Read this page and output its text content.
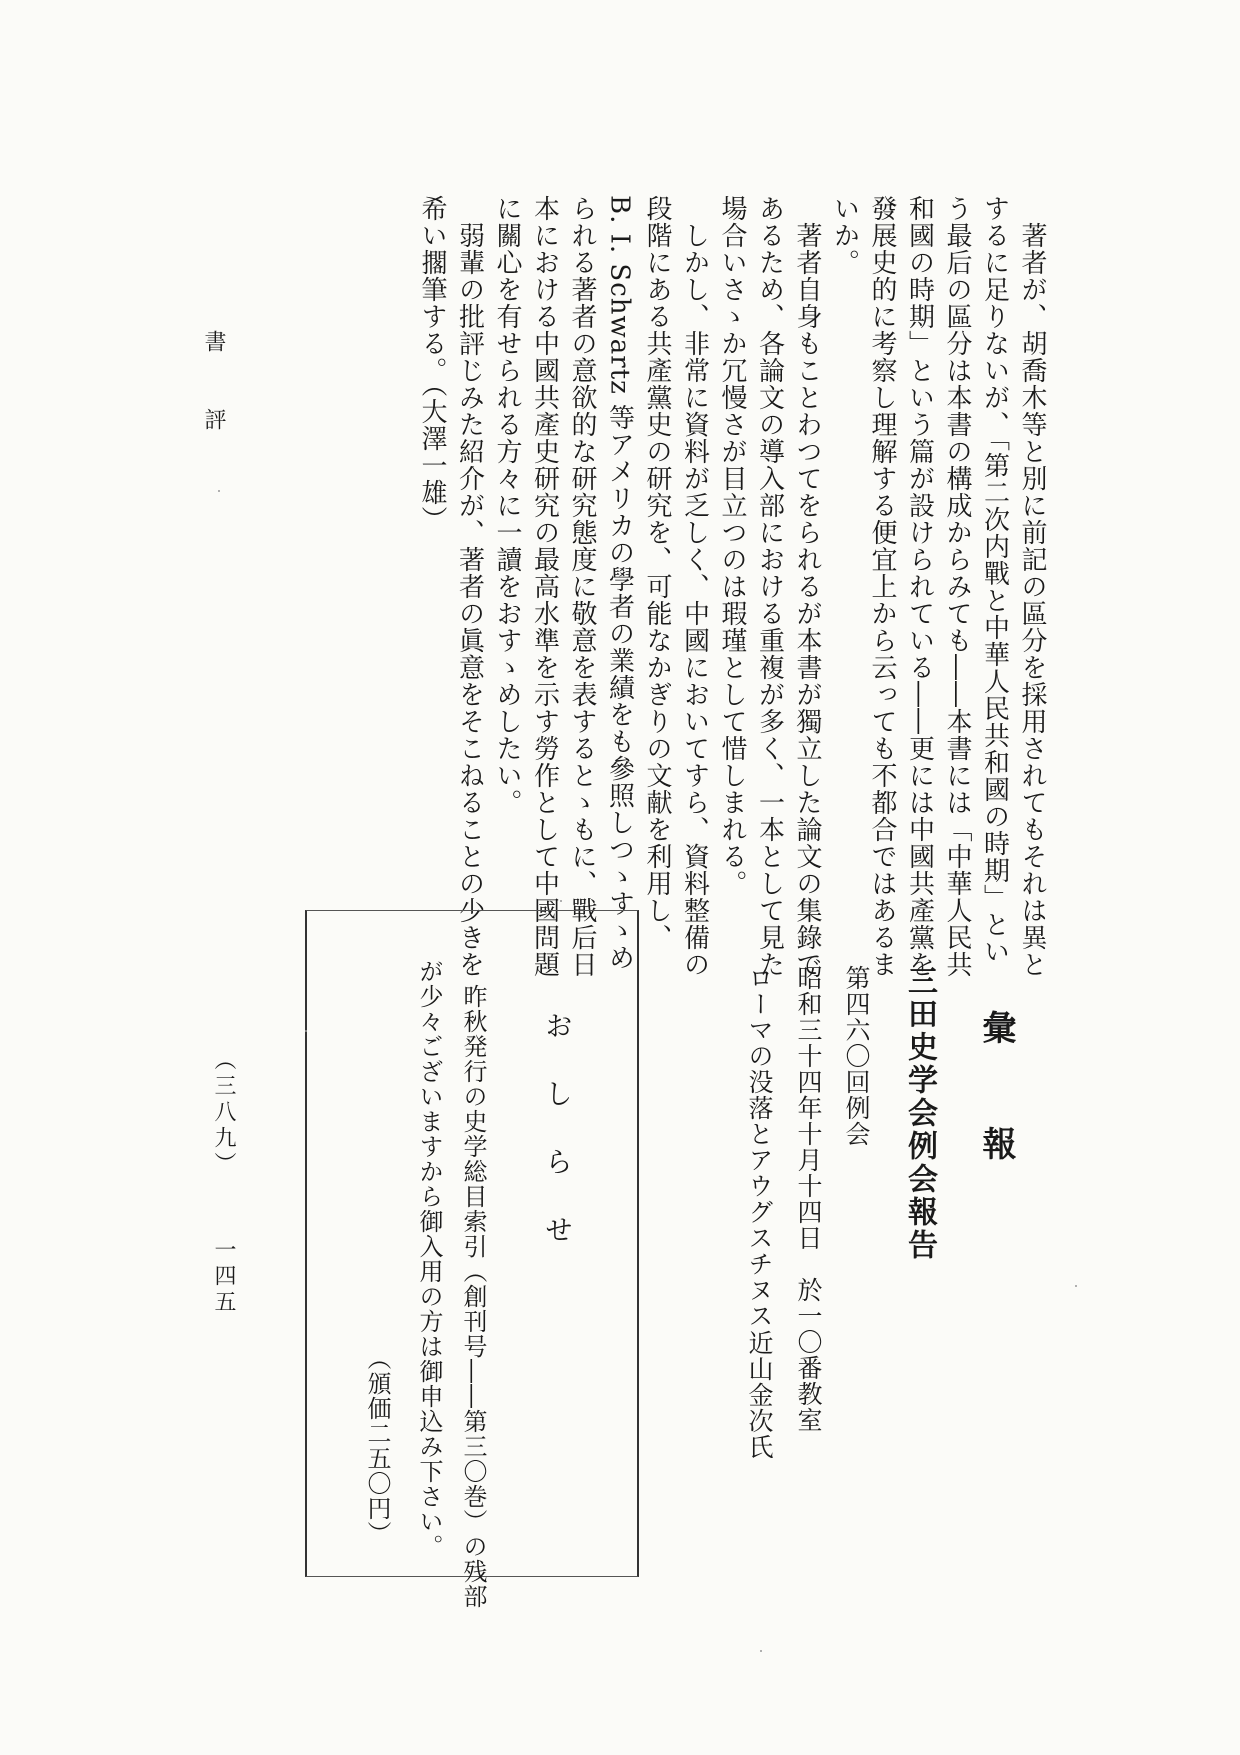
　著者が、胡喬木等と別に前記の區分を採用されてもそれは異と
するに足りないが、「第二次内戰と中華人民共和國の時期」とい
う最后の區分は本書の構成からみても――本書には「中華人民共
和國の時期」という篇が設けられている――更には中國共產黨を
發展史的に考察し理解する便宜上から云っても不都合ではあるま
いか。
　著者自身もことわつてをられるが本書が獨立した論文の集錄で
あるため、各論文の導入部における重複が多く、一本として見た
場合いさゝか冗慢さが目立つのは瑕瑾として惜しまれる。
　しかし、非常に資料が乏しく、中國においてすら、資料整備の
段階にある共產黨史の研究を、可能なかぎりの文献を利用し、
B. I. Schwartz 等アメリカの學者の業績をも參照しつゝすゝめ
られる著者の意欲的な研究態度に敬意を表するとゝもに、戰后日
本における中國共產史研究の最高水準を示す勞作として中國問題
に關心を有せられる方々に一讀をおすゝめしたい。
　弱輩の批評じみた紹介が、著者の眞意をそこねることの少きを
希い擱筆する。（大澤一雄）
書評
彙報
三田史学会例会報告
第四六〇回例会
昭和三十四年十月十四日　於一〇番教室
ローマの没落とアウグスチヌス
近山金次氏
おしらせ
　昨秋発行の史学総目索引（創刊号――第三〇巻）の残部
が少々ございますから御入用の方は御申込み下さい。
（頒価二五〇円）
（三八九）
一四五
